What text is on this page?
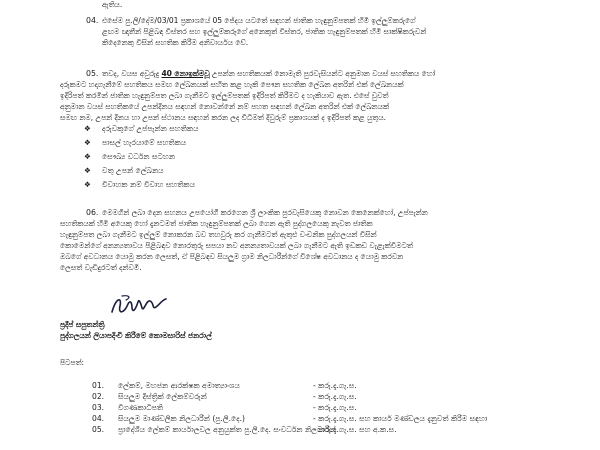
ඇතිය.
04. එසේම පු.ලි/දේම/03/01 ප්‍රකාශයේ 05 ජේදය යටතේ සඳහන් ජාතික හැඳුනුම්පතක් හිමි ඉල්ලුම්කරුගේ
ළඟම ඥාතීන් පිළිබඳ විස්තර සහ ඉල්ලුම්කරුගේ අනෙකුත් විස්තර, ජාතික හැඳුනුම්පතක් හිමි සාක්ෂිකරුවන්
කිදෙනෙකු විසින් සහතික කිරීම අනිවාර්යය වේ.
05. තවද, වයස අවුරුදු 40 නොඉක්මවූ උපන්න සහතිකයක් නොමැති පුරවැසියන්ට අනුමාන වයස් සහතිකය හෝ
දරුකමට හදාගැනීමේ සහතිකය සමඟ ලේඛනයක් සහිත කළ හැකි පෞන සහතික ලේඛන අතරින් එක් ලේඛනයක්
ඉදිරිපත් කරමින් ජාතික හැඳුනුම්පත ලබා ගැනීමට ඉල්ලුම්පතක් ඉදිරිපත් කිරීමට ද හැකියාව ඇත. එසේ වුවත්
අනුමාන වයස් සහතිකයේ උපන්දිනය සඳහන් නොවන්නේ නම් පහත සඳහන් ලේඛන අතරින් එක් ලේඛනයක්
සමඟ නම, උපන් දිනය හා උපන් ස්ථානය සඳහන් කරන ලද විධිමත් දිවුරුම් ප්‍රකාශයක් ද ඉදිරිපත් කළ යුතුය.
❖ දරුවකුගේ උප්පැන්න සහතිකය
❖ පාසල් හැරයාමේ සහතිකය
❖ සෞඛ්‍ය වර්ධන සටහන
❖ වතු උපන් ලේඛනය
❖ විවාහක නම් විවාහ සහතිකය
06. මෙමගින් ලබා දෙන සහනය උපයෝගී කරගෙන ශ්‍රී ලාංකික පුරවැසියෙකු නොවන කෙනෙක්හෝ, උප්පැන්න
සහතිකයක් හිමි අයෙකු හෝ දැනටමත් ජාතික හැඳුනුම්පතක් ලබා ගෙන ඇති පුද්ගලයෙකු නැවත ජාතික
හැඳුනුම්පත ලබා ගැනීමට ඉල්ලුම් නොකරන බව තහවුරු කර ගැනීමටත් ඇතුළු වංචනික පුද්ගලයන් විසින්
කොමෙන්ගේ අනන්‍යතාවය පිළිබඳව නොරතුරු සපයා නව අනන්‍යතාවයක් ලබා ගැනීමට ඇති ඉඩකඩ වැළැක්වීමටත්
ඔබගේ අවධානය යොමු කරන ලෙසත්, ඒ පිළිබඳව සියලුම ග්‍රාම නිලධාරීන්ගේ විශේෂ අවධානය ද යොමු කරවන
ලෙසත් වැඩිදුරටත් දන්වමි.
ප්‍රදීප් සපුතන්ත්‍රි
පුද්ගලයන් ලියාපදිංචි කිරීමේ කොමසාරිස් ජනරාල්
පිටපත්:
01.	ලේකම්, මහජන ආරක්ෂක අමාත්‍යාංශය	- කරු.දැ.ගැ.ස.
02.	සියලුම දිස්ත්‍රික් ලේකම්වරුන්	- කරු.දැ.ගැ.ස.
03.	විගණකාධිපති	- කරු.දැ.ගැ.ස.
04.	සියලුම මාණ්ඩලික නිලධාරීන් (පු.ලි.දෙ.)	- කරු.දැ.ගැ.ස. සහ කාර්ය මණ්ඩලය දැනුවත් කිරීම සඳහා
05.	ප්‍රාදේශීය ලේකම් කාර්යාලවල අනුයුක්ත පු.ලි.දෙ. සංවර්ධන නිලධාරීන්
- කරු.දැ.ගැ.ස. සහ අ.ක.ස.
